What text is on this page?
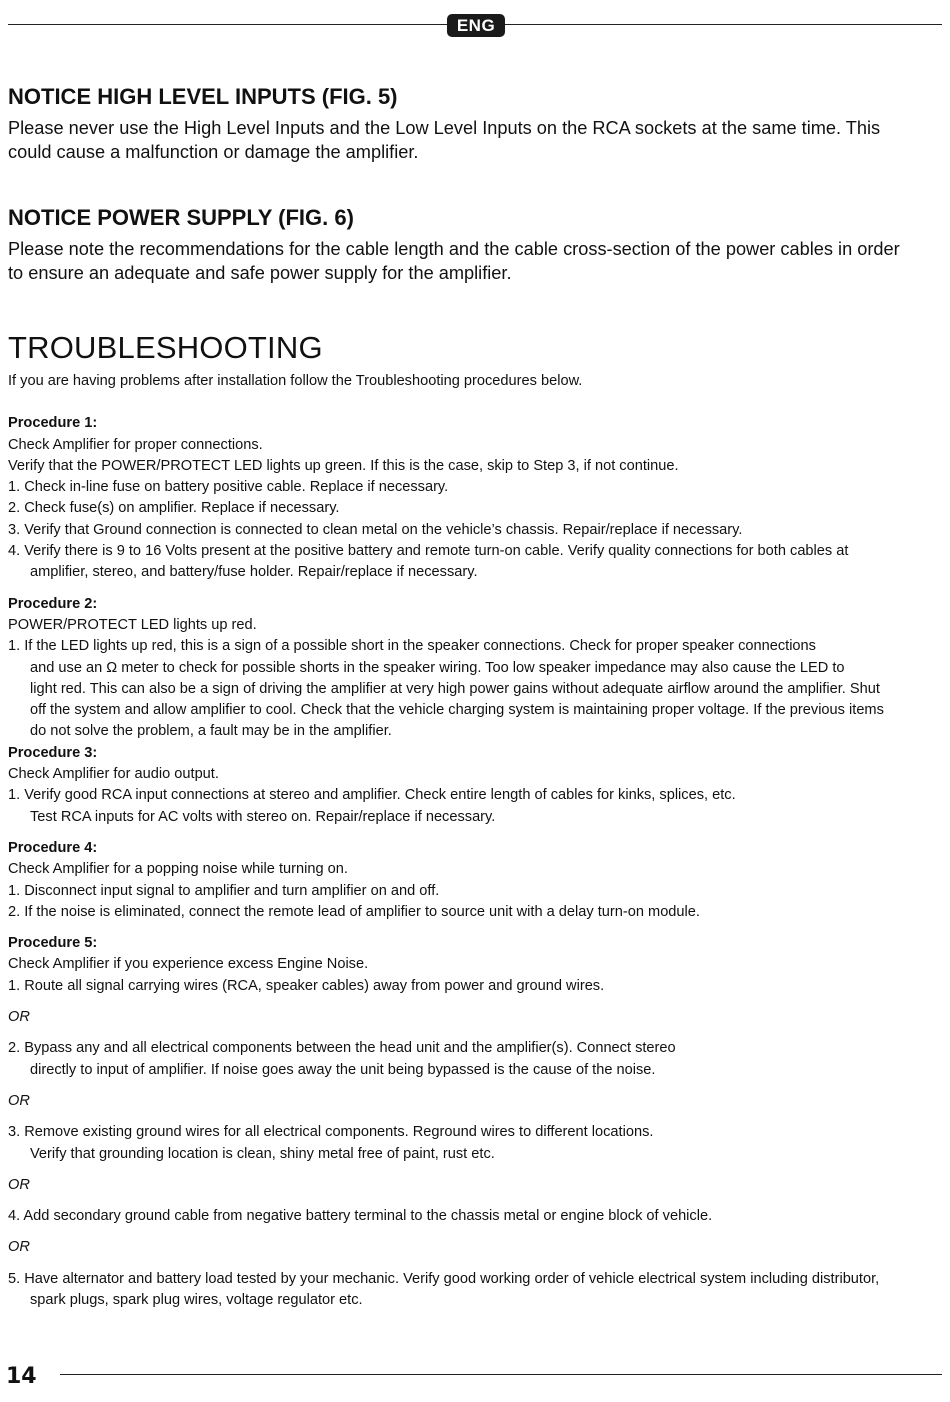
ENG
NOTICE HIGH LEVEL INPUTS (FIG. 5)
Please never use the High Level Inputs and the Low Level Inputs on the RCA sockets at the same time. This
could cause a malfunction or damage the amplifier.
NOTICE POWER SUPPLY (FIG. 6)
Please note the recommendations for the cable length and the cable cross-section of the power cables in order
to ensure an adequate and safe power supply for the amplifier.
TROUBLESHOOTING
If you are having problems after installation follow the Troubleshooting procedures below.
Procedure 1:
Check Amplifier for proper connections.
Verify that the POWER/PROTECT LED lights up green. If this is the case, skip to Step 3, if not continue.
1. Check in-line fuse on battery positive cable. Replace if necessary.
2. Check fuse(s) on amplifier. Replace if necessary.
3. Verify that Ground connection is connected to clean metal on the vehicle’s chassis. Repair/replace if necessary.
4. Verify there is 9 to 16 Volts present at the positive battery and remote turn-on cable. Verify quality connections for both cables at
amplifier, stereo, and battery/fuse holder. Repair/replace if necessary.
Procedure 2:
POWER/PROTECT LED lights up red.
1. If the LED lights up red, this is a sign of a possible short in the speaker connections. Check for proper speaker connections
and use an Ω meter to check for possible shorts in the speaker wiring. Too low speaker impedance may also cause the LED to
light red. This can also be a sign of driving the amplifier at very high power gains without adequate airflow around the amplifier. Shut
off the system and allow amplifier to cool. Check that the vehicle charging system is maintaining proper voltage. If the previous items
do not solve the problem, a fault may be in the amplifier.
Procedure 3:
Check Amplifier for audio output.
1. Verify good RCA input connections at stereo and amplifier. Check entire length of cables for kinks, splices, etc.
Test RCA inputs for AC volts with stereo on. Repair/replace if necessary.
Procedure 4:
Check Amplifier for a popping noise while turning on.
1. Disconnect input signal to amplifier and turn amplifier on and off.
2. If the noise is eliminated, connect the remote lead of amplifier to source unit with a delay turn-on module.
Procedure 5:
Check Amplifier if you experience excess Engine Noise.
1. Route all signal carrying wires (RCA, speaker cables) away from power and ground wires.
OR
2. Bypass any and all electrical components between the head unit and the amplifier(s). Connect stereo
directly to input of amplifier. If noise goes away the unit being bypassed is the cause of the noise.
OR
3. Remove existing ground wires for all electrical components. Reground wires to different locations.
Verify that grounding location is clean, shiny metal free of paint, rust etc.
OR
4. Add secondary ground cable from negative battery terminal to the chassis metal or engine block of vehicle.
OR
5. Have alternator and battery load tested by your mechanic. Verify good working order of vehicle electrical system including distributor,
spark plugs, spark plug wires, voltage regulator etc.
14
